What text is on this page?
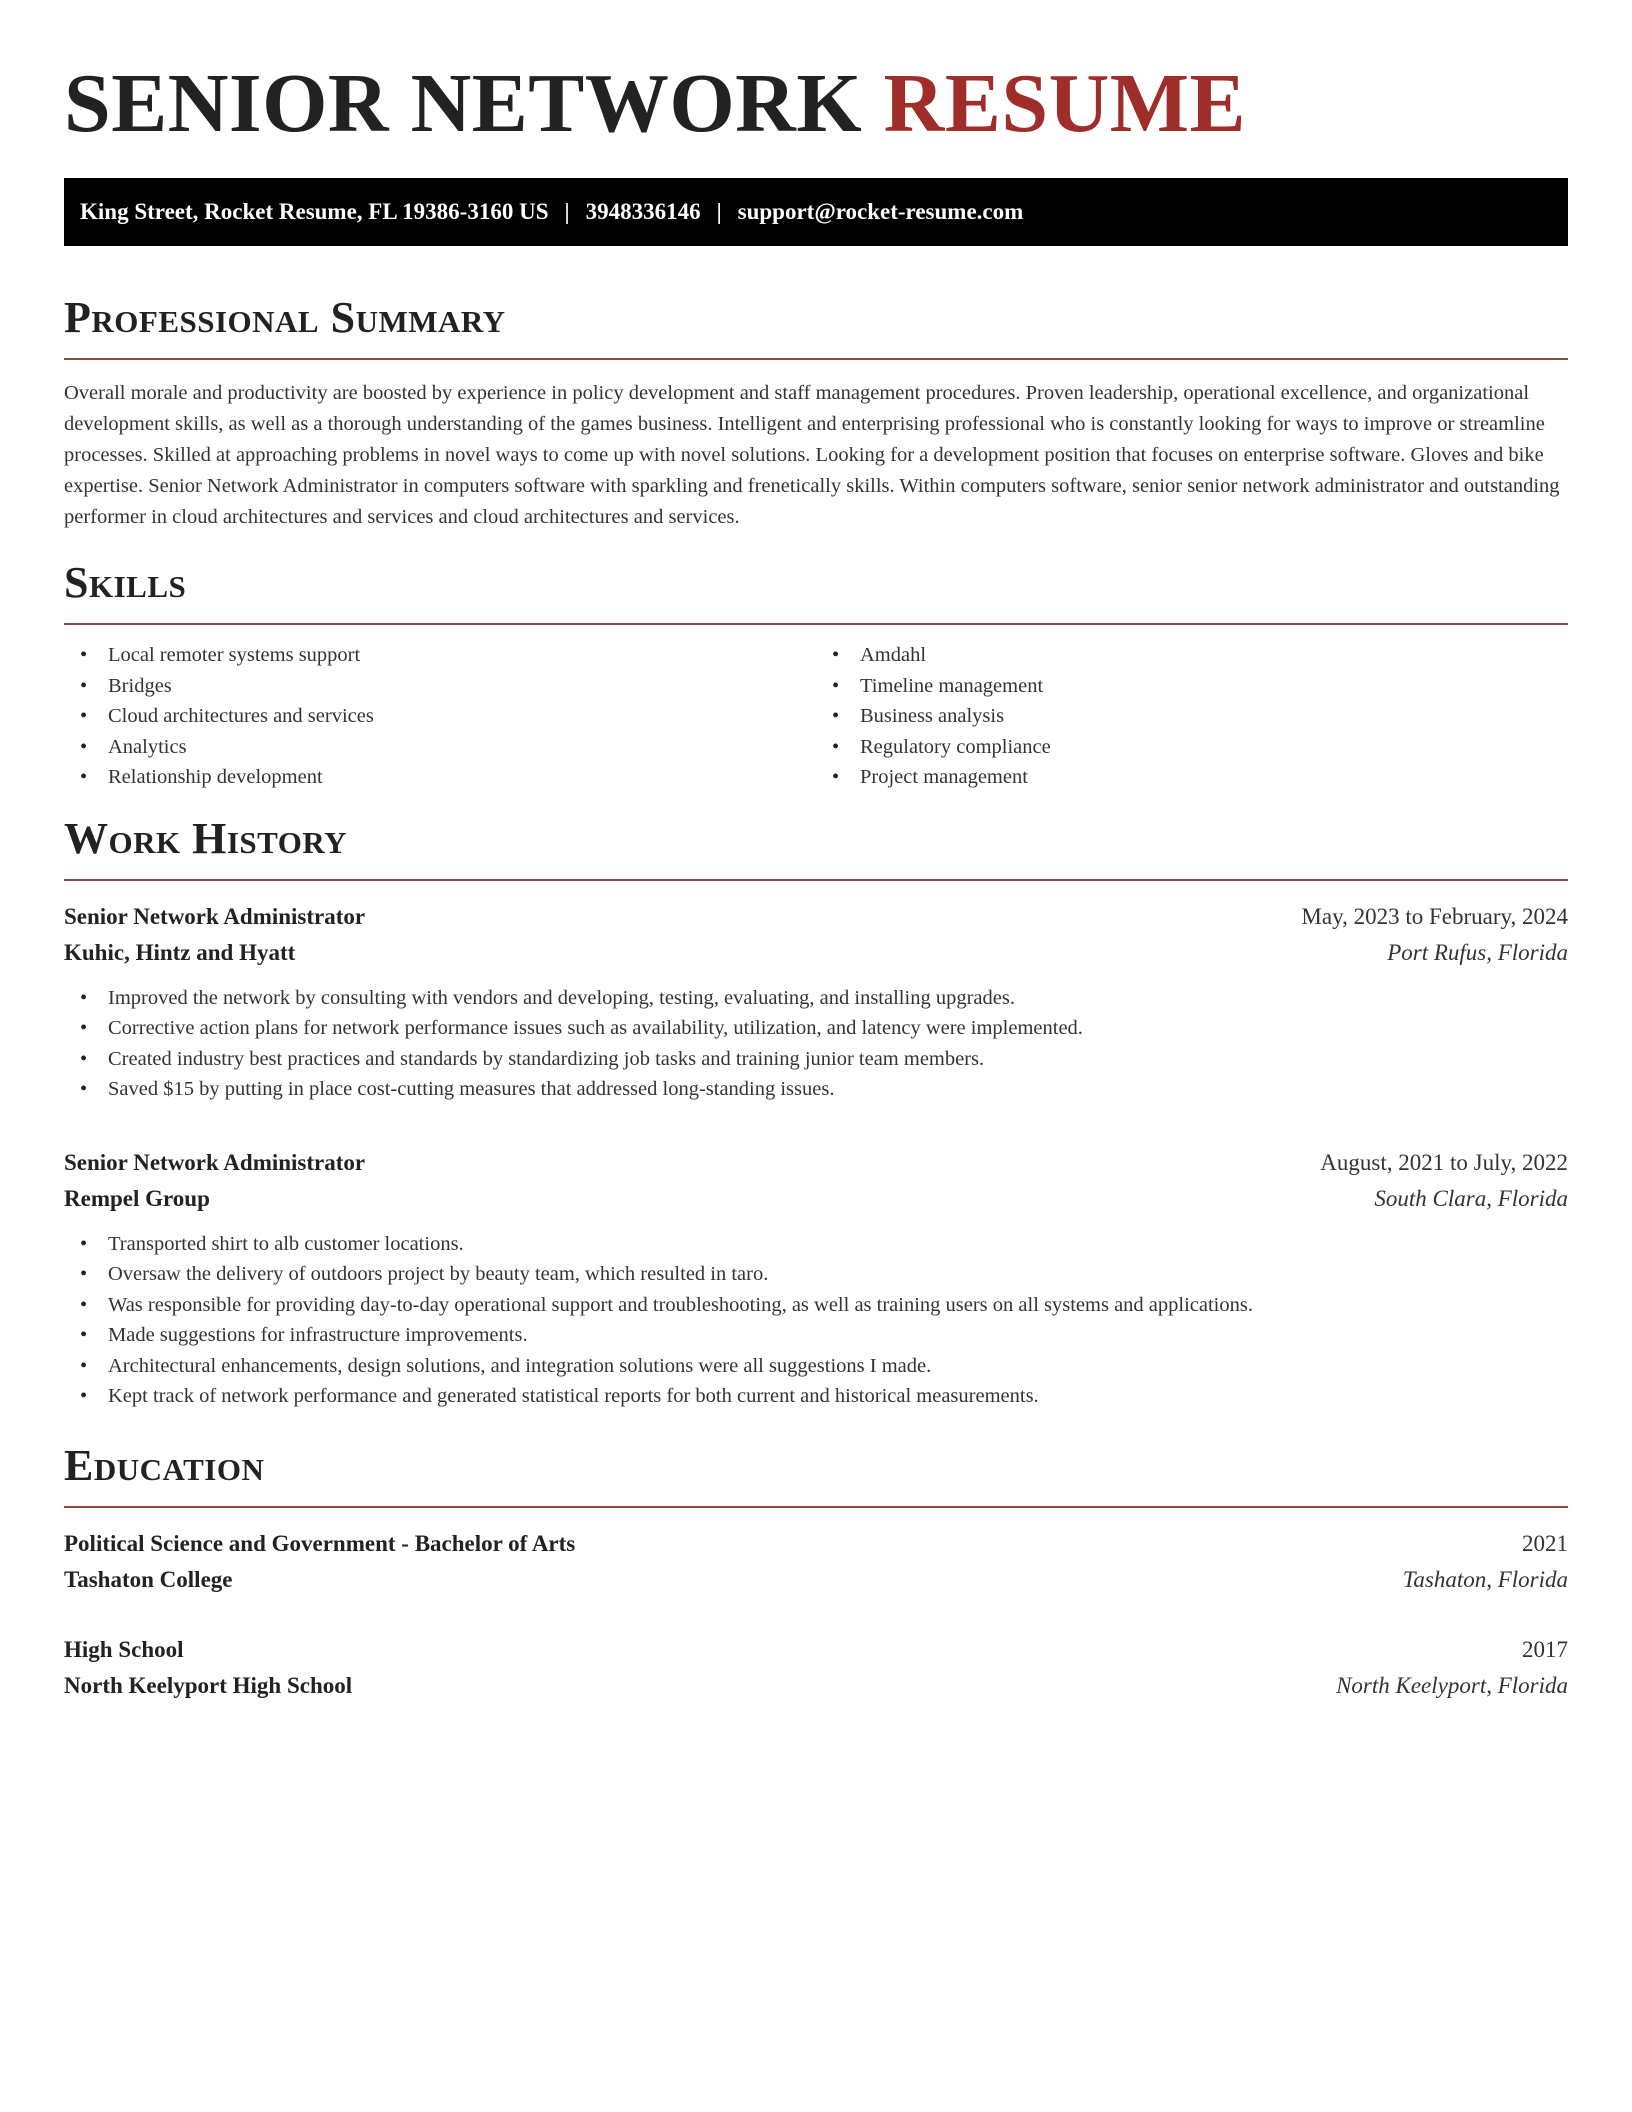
SENIOR NETWORK RESUME
King Street, Rocket Resume, FL 19386-3160 US | 3948336146 | support@rocket-resume.com
Professional Summary

Overall morale and productivity are boosted by experience in policy development and staff management procedures. Proven leadership, operational excellence, and organizational development skills, as well as a thorough understanding of the games business. Intelligent and enterprising professional who is constantly looking for ways to improve or streamline processes. Skilled at approaching problems in novel ways to come up with novel solutions. Looking for a development position that focuses on enterprise software. Gloves and bike expertise. Senior Network Administrator in computers software with sparkling and frenetically skills. Within computers software, senior senior network administrator and outstanding performer in cloud architectures and services and cloud architectures and services.

Skills
• Local remoter systems support
• Bridges
• Cloud architectures and services
• Analytics
• Relationship development
• Amdahl
• Timeline management
• Business analysis
• Regulatory compliance
• Project management
Work History
Senior Network Administrator	May, 2023 to February, 2024
Kuhic, Hintz and Hyatt	Port Rufus, Florida
• Improved the network by consulting with vendors and developing, testing, evaluating, and installing upgrades.
• Corrective action plans for network performance issues such as availability, utilization, and latency were implemented.
• Created industry best practices and standards by standardizing job tasks and training junior team members.
• Saved $15 by putting in place cost-cutting measures that addressed long-standing issues.
Senior Network Administrator	August, 2021 to July, 2022
Rempel Group	South Clara, Florida
• Transported shirt to alb customer locations.
• Oversaw the delivery of outdoors project by beauty team, which resulted in taro.
• Was responsible for providing day-to-day operational support and troubleshooting, as well as training users on all systems and applications.
• Made suggestions for infrastructure improvements.
• Architectural enhancements, design solutions, and integration solutions were all suggestions I made.
• Kept track of network performance and generated statistical reports for both current and historical measurements.
Education
Political Science and Government - Bachelor of Arts	2021
Tashaton College	Tashaton, Florida
High School	2017
North Keelyport High School	North Keelyport, Florida
